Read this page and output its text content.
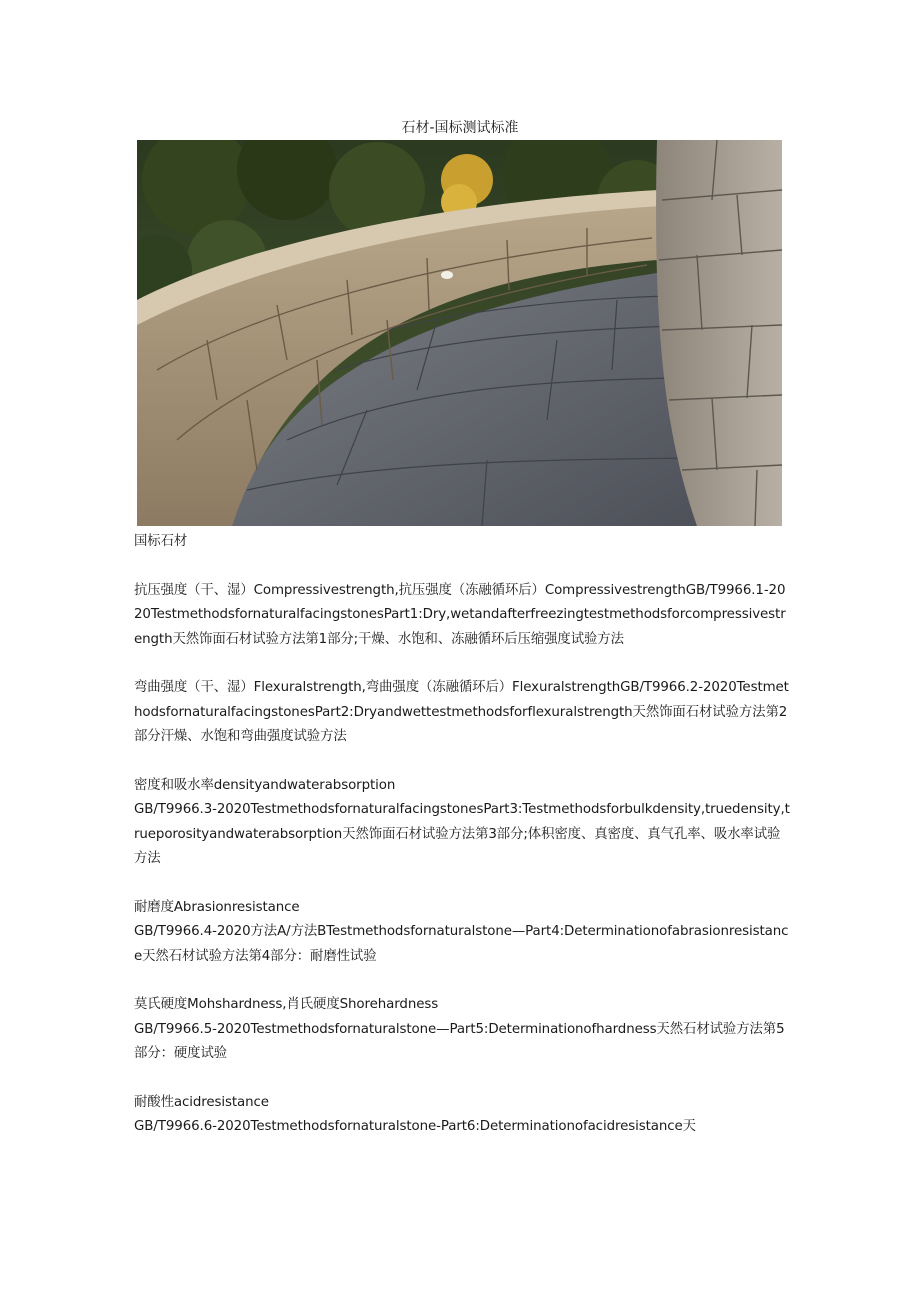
石材-国标测试标准

国标石材

抗压强度（干、湿）Compressivestrength,抗压强度（冻融循环后）CompressivestrengthGB/T9966.1-2020TestmethodsfornaturalfacingstonesPart1:Dry,wetandafterfreezingtestmethodsforcompressivestrength天然饰面石材试验方法第1部分;干燥、水饱和、冻融循环后压缩强度试验方法

弯曲强度（干、湿）Flexuralstrength,弯曲强度（冻融循环后）FlexuralstrengthGB/T9966.2-2020TestmethodsfornaturalfacingstonesPart2:Dryandwettestmethodsforflexuralstrength天然饰面石材试验方法第2部分汗燥、水饱和弯曲强度试验方法

密度和吸水率densityandwaterabsorption

GB/T9966.3-2020TestmethodsfornaturalfacingstonesPart3:Testmethodsforbulkdensity,truedensity,trueporosityandwaterabsorption天然饰面石材试验方法第3部分;体积密度、真密度、真气孔率、吸水率试验方法

耐磨度Abrasionresistance

GB/T9966.4-2020方法A/方法BTestmethodsfornaturalstone—Part4:Determinationofabrasionresistance天然石材试验方法第4部分：耐磨性试验

莫氏硬度Mohshardness,肖氏硬度Shorehardness

GB/T9966.5-2020Testmethodsfornaturalstone—Part5:Determinationofhardness天然石材试验方法第5部分：硬度试验

耐酸性acidresistance

GB/T9966.6-2020Testmethodsfornaturalstone-Part6:Determinationofacidresistance天
